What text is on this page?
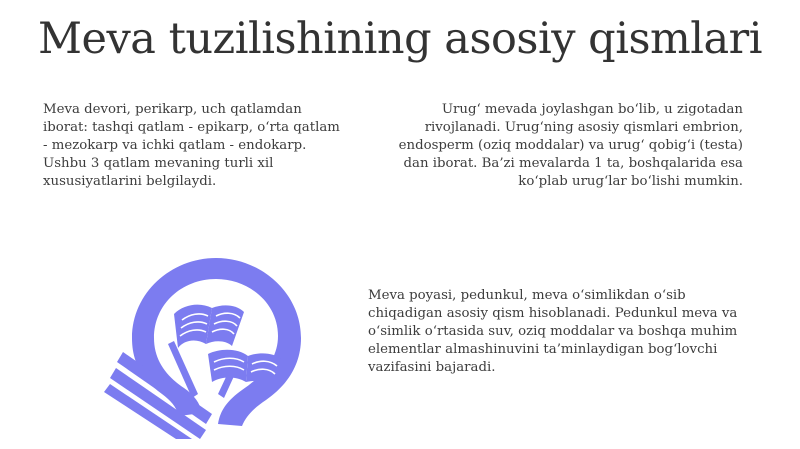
Meva tuzilishining asosiy qismlari

Meva devori, perikarp, uch qatlamdan iborat: tashqi qatlam - epikarp, o‘rta qatlam - mezokarp va ichki qatlam - endokarp. Ushbu 3 qatlam mevaning turli xil xususiyatlarini belgilaydi.

Urug‘ mevada joylashgan bo‘lib, u zigotadan rivojlanadi. Urug‘ning asosiy qismlari embrion, endosperm (oziq moddalar) va urug‘ qobig‘i (testa) dan iborat. Ba’zi mevalarda 1 ta, boshqalarida esa ko‘plab urug‘lar bo‘lishi mumkin.

Meva poyasi, pedunkul, meva o‘simlikdan o‘sib chiqadigan asosiy qism hisoblanadi. Pedunkul meva va o‘simlik o‘rtasida suv, oziq moddalar va boshqa muhim elementlar almashinuvini ta’minlaydigan bog‘lovchi vazifasini bajaradi.
